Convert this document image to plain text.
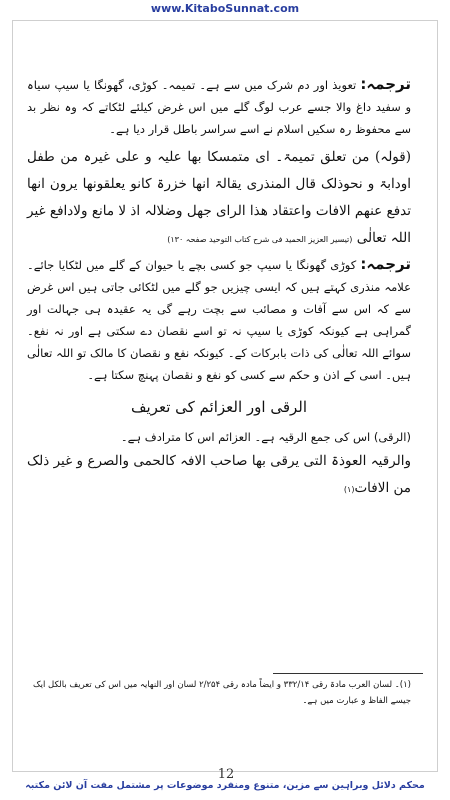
www.KitaboSunnat.com

ترجمہ: تعویذ اور دم شرک میں سے ہے۔ تمیمہ۔ کوڑی، گھونگا یا سیپ سیاہ و سفید داغ والا جسے عرب لوگ گلے میں اس غرض کیلئے لٹکاتے کہ وہ نظر بد سے محفوظ رہ سکیں اسلام نے اسے سراسر باطل قرار دیا ہے۔

(قولہ) من تعلق تمیمۃ۔ ای متمسکا بھا علیہ و علی غیرہ من طفل اودابۃ و نحوذلک قال المنذری یقالۃ انھا خزرۃ کانو یعلقونھا یرون انھا تدفع عنھم الافات واعتقاد ھذا الرای جھل وضلالہ اذ لا مانع ولادافع غیر اللہ تعالٰی (تیسیر العزیز الحمید فی شرح کتاب التوحید صفحہ ۱۳۰)

ترجمہ: کوڑی گھونگا یا سیپ جو کسی بچے یا حیوان کے گلے میں لٹکایا جائے۔ علامہ منذری کہتے ہیں کہ ایسی چیزیں جو گلے میں لٹکائی جاتی ہیں اس غرض سے کہ اس سے آفات و مصائب سے بچت رہے گی یہ عقیدہ ہی جہالت اور گمراہی ہے کیونکہ کوڑی یا سیپ نہ تو اسے نقصان دے سکتی ہے اور نہ نفع۔ سوائے اللہ تعالٰی کی ذات بابرکات کے۔ کیونکہ نفع و نقصان کا مالک تو اللہ تعالٰی ہیں۔ اسی کے اذن و حکم سے کسی کو نفع و نقصان پہنچ سکتا ہے۔

الرقی اور العزائم کی تعریف

(الرقی) اس کی جمع الرقیہ ہے۔ العزائم اس کا مترادف ہے۔

والرقیہ العوذۃ التی یرقی بھا صاحب الافہ کالحمی والصرع و غیر ذلک من الافات(۱)

(۱)۔ لسان العرب مادۃ رقی ۳۳۲/۱۴ و ایضاً مادہ رقی ۲/۲۵۴ لسان اور النھایہ میں اس کی تعریف بالکل ایک جیسے الفاظ و عبارت میں ہے۔

12
محکم دلائل وبراہین سے مزین، متنوع ومنفرد موضوعات پر مشتمل مفت آن لائن مکتبہ
